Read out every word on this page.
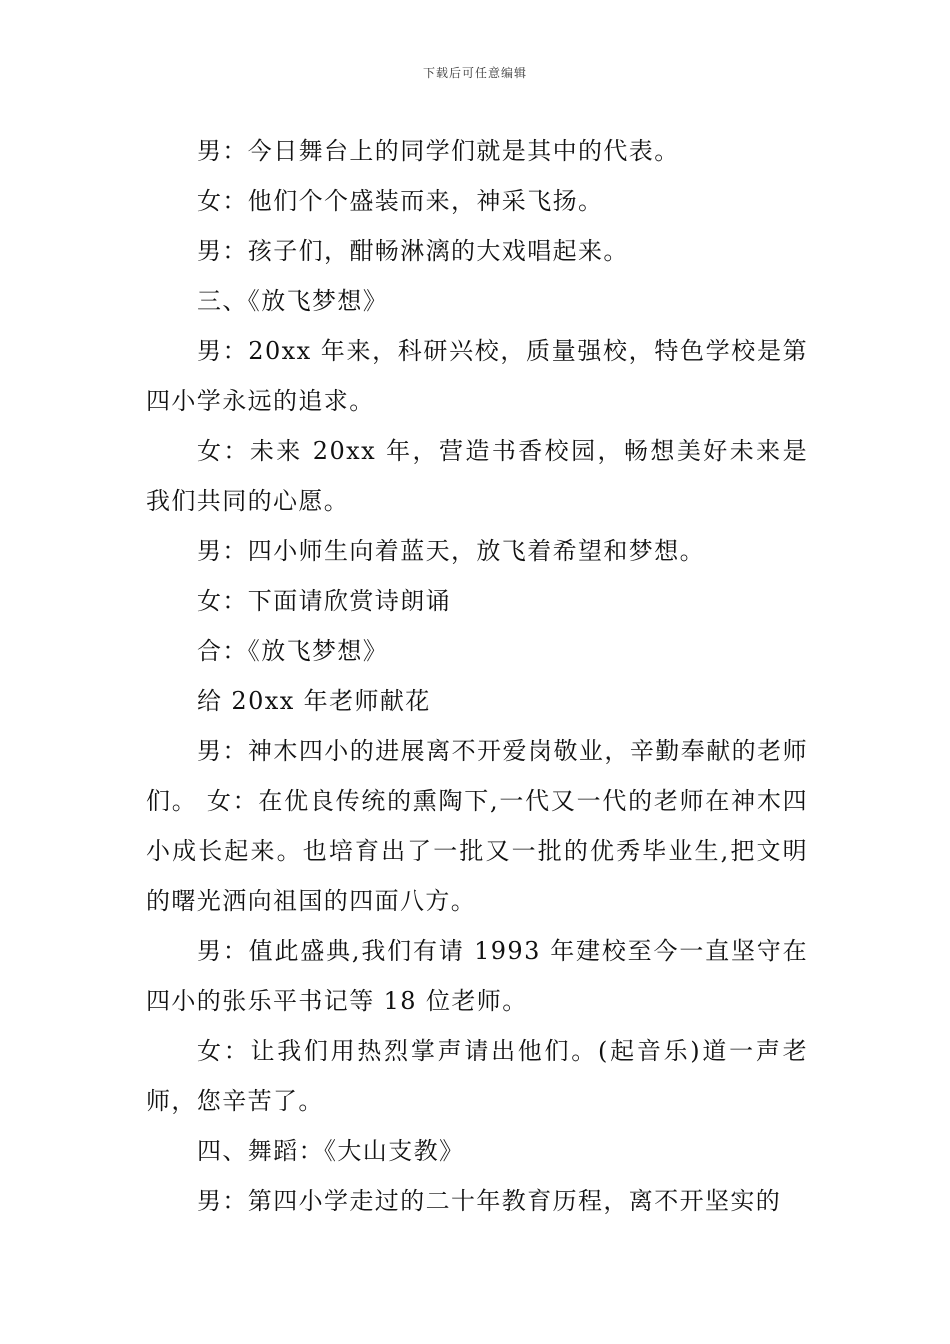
下载后可任意编辑

男：今日舞台上的同学们就是其中的代表。

女：他们个个盛装而来，神采飞扬。

男：孩子们，酣畅淋漓的大戏唱起来。

三、《放飞梦想》

男：20xx 年来，科研兴校，质量强校，特色学校是第四小学永远的追求。

女：未来 20xx 年，营造书香校园，畅想美好未来是我们共同的心愿。

男：四小师生向着蓝天，放飞着希望和梦想。

女：下面请欣赏诗朗诵

合：《放飞梦想》

给 20xx 年老师献花

男：神木四小的进展离不开爱岗敬业，辛勤奉献的老师们。 女：在优良传统的熏陶下,一代又一代的老师在神木四小成长起来。也培育出了一批又一批的优秀毕业生,把文明的曙光洒向祖国的四面八方。

男：值此盛典,我们有请 1993 年建校至今一直坚守在四小的张乐平书记等 18 位老师。

女：让我们用热烈掌声请出他们。(起音乐)道一声老师，您辛苦了。

四、舞蹈：《大山支教》

男：第四小学走过的二十年教育历程，离不开坚实的
